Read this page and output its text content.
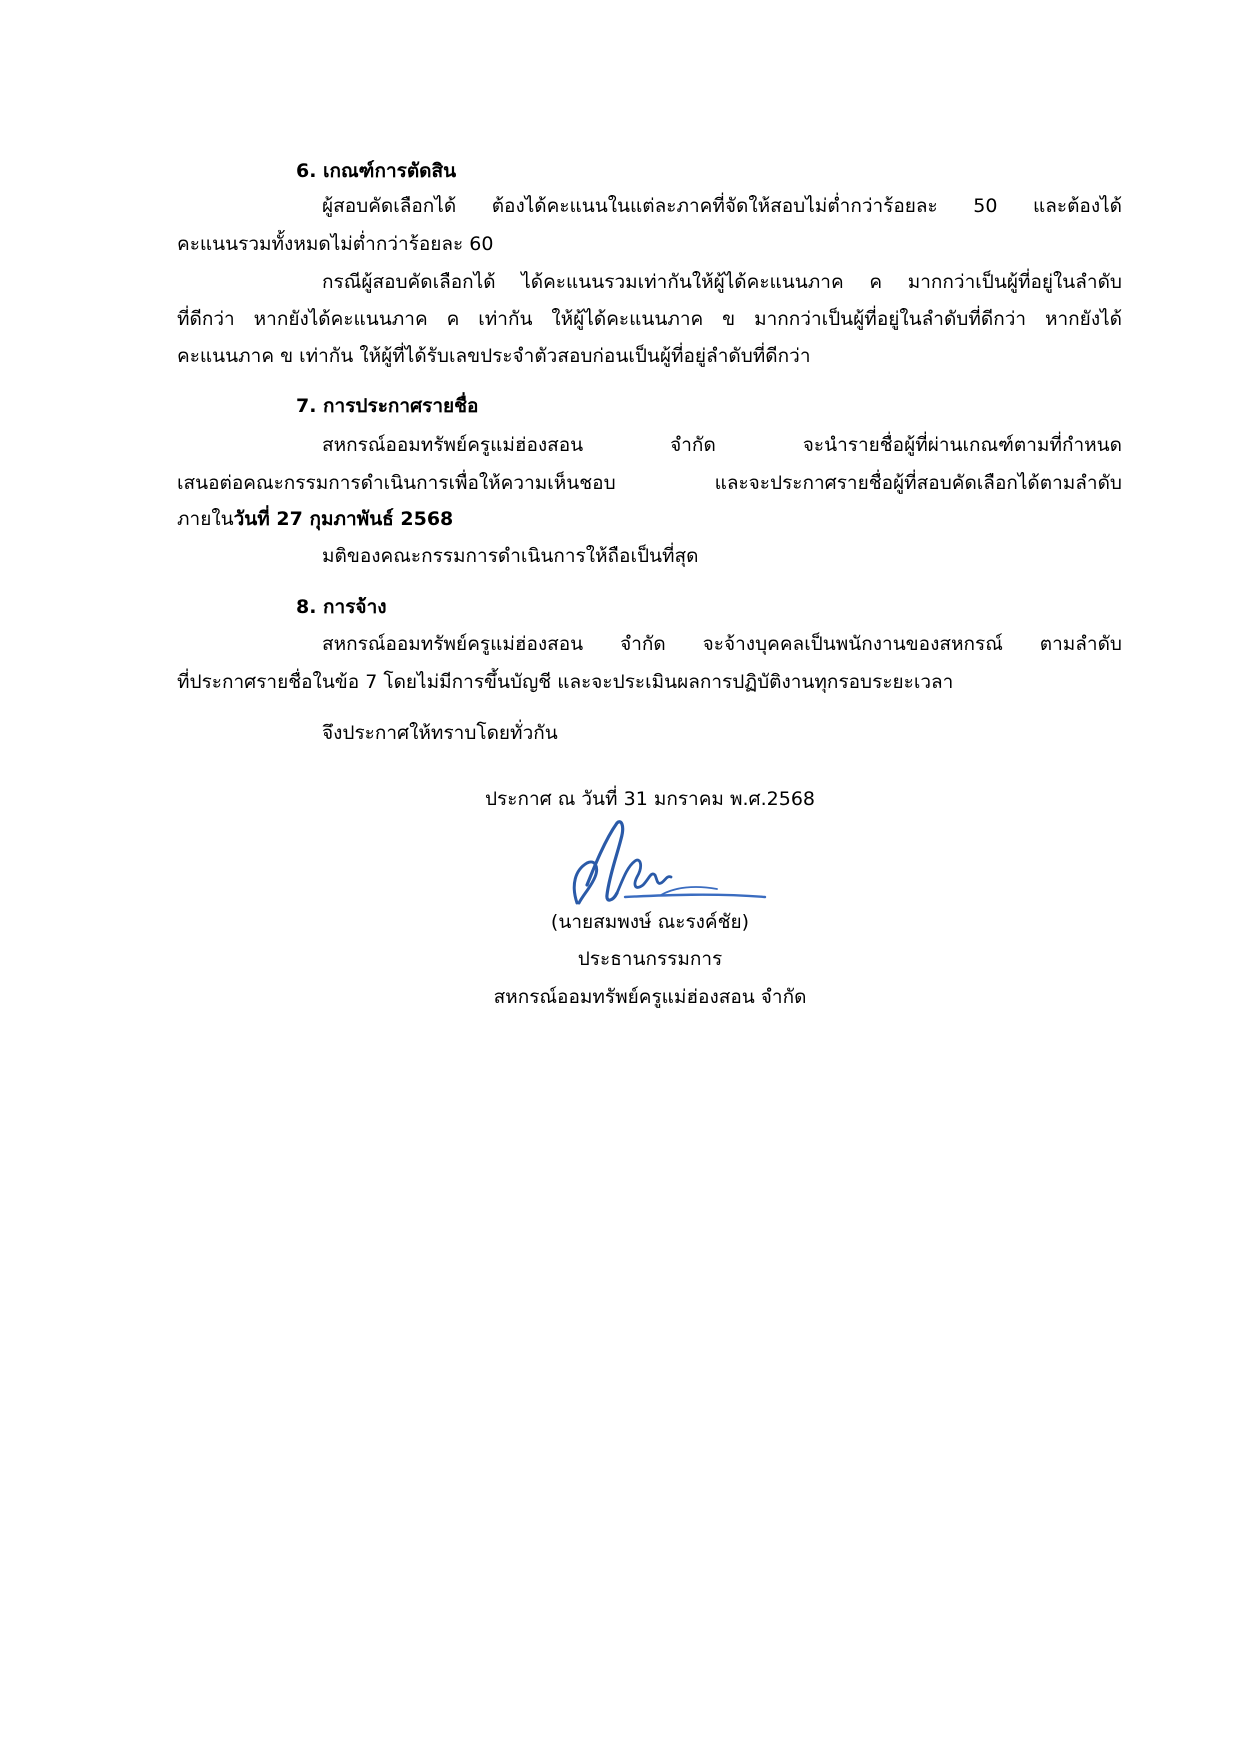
6. เกณฑ์การตัดสิน
ผู้สอบคัดเลือกได้ ต้องได้คะแนนในแต่ละภาคที่จัดให้สอบไม่ต่ำกว่าร้อยละ 50 และต้องได้
คะแนนรวมทั้งหมดไม่ต่ำกว่าร้อยละ 60
กรณีผู้สอบคัดเลือกได้ ได้คะแนนรวมเท่ากันให้ผู้ได้คะแนนภาค ค มากกว่าเป็นผู้ที่อยู่ในลำดับ
ที่ดีกว่า หากยังได้คะแนนภาค ค เท่ากัน ให้ผู้ได้คะแนนภาค ข มากกว่าเป็นผู้ที่อยู่ในลำดับที่ดีกว่า หากยังได้
คะแนนภาค ข เท่ากัน ให้ผู้ที่ได้รับเลขประจำตัวสอบก่อนเป็นผู้ที่อยู่ลำดับที่ดีกว่า
7. การประกาศรายชื่อ
สหกรณ์ออมทรัพย์ครูแม่ฮ่องสอน จำกัด จะนำรายชื่อผู้ที่ผ่านเกณฑ์ตามที่กำหนด
เสนอต่อคณะกรรมการดำเนินการเพื่อให้ความเห็นชอบ และจะประกาศรายชื่อผู้ที่สอบคัดเลือกได้ตามลำดับ
ภายในวันที่ 27 กุมภาพันธ์ 2568
มติของคณะกรรมการดำเนินการให้ถือเป็นที่สุด
8. การจ้าง
สหกรณ์ออมทรัพย์ครูแม่ฮ่องสอน จำกัด จะจ้างบุคคลเป็นพนักงานของสหกรณ์ ตามลำดับ
ที่ประกาศรายชื่อในข้อ 7 โดยไม่มีการขึ้นบัญชี และจะประเมินผลการปฏิบัติงานทุกรอบระยะเวลา
จึงประกาศให้ทราบโดยทั่วกัน
ประกาศ ณ วันที่ 31 มกราคม พ.ศ.2568
(นายสมพงษ์ ณะรงค์ชัย)
ประธานกรรมการ
สหกรณ์ออมทรัพย์ครูแม่ฮ่องสอน จำกัด
